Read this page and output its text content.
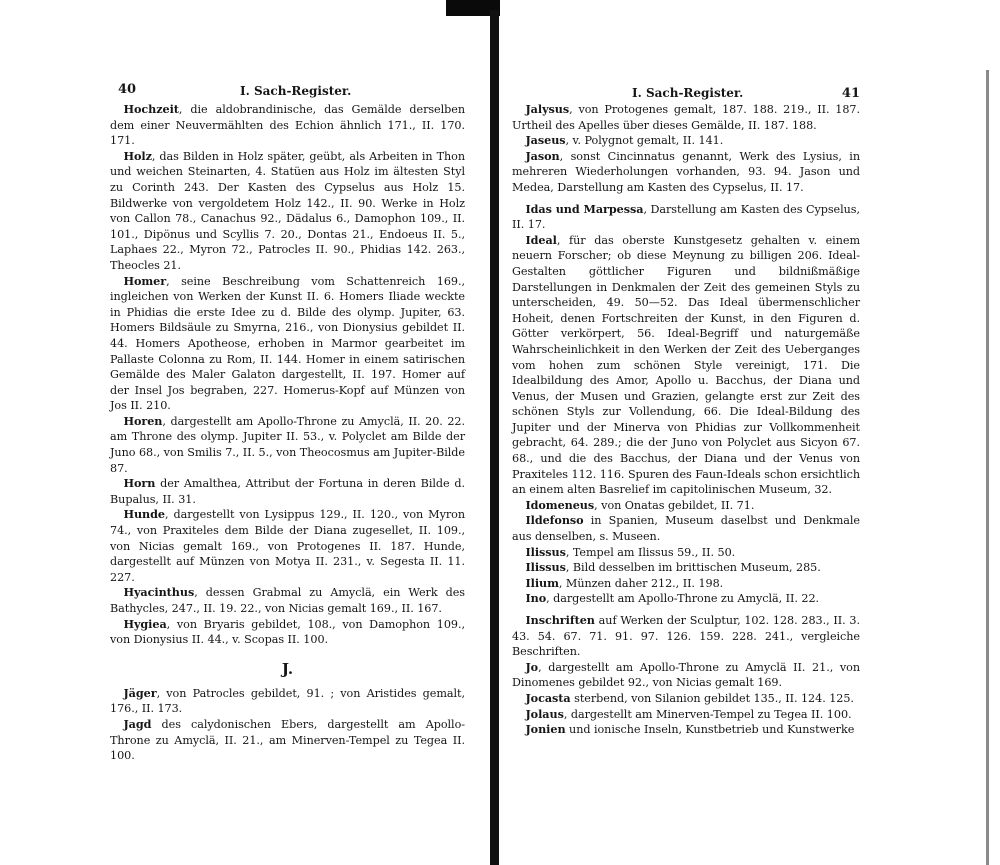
40	I. Sach-Register.

Hochzeit, die aldobrandinische, das Gemälde derselben dem einer Neuvermählten des Echion ähnlich 171., II. 170. 171.

Holz, das Bilden in Holz später, geübt, als Arbeiten in Thon und weichen Steinarten, 4. Statüen aus Holz im ältesten Styl zu Corinth 243. Der Kasten des Cypselus aus Holz 15. Bildwerke von vergoldetem Holz 142., II. 90. Werke in Holz von Callon 78., Canachus 92., Dädalus 6., Damophon 109., II. 101., Dipönus und Scyllis 7. 20., Dontas 21., Endoeus II. 5., Laphaes 22., Myron 72., Patrocles II. 90., Phidias 142. 263., Theocles 21.

Homer, seine Beschreibung vom Schattenreich 169., ingleichen von Werken der Kunst II. 6. Homers Iliade weckte in Phidias die erste Idee zu d. Bilde des olymp. Jupiter, 63. Homers Bildsäule zu Smyrna, 216., von Dionysius gebildet II. 44. Homers Apotheose, erhoben in Marmor gearbeitet im Pallaste Colonna zu Rom, II. 144. Homer in einem satirischen Gemälde des Maler Galaton dargestellt, II. 197. Homer auf der Insel Jos begraben, 227. Homerus-Kopf auf Münzen von Jos II. 210.

Horen, dargestellt am Apollo-Throne zu Amyclä, II. 20. 22. am Throne des olymp. Jupiter II. 53., v. Polyclet am Bilde der Juno 68., von Smilis 7., II. 5., von Theocosmus am Jupiter-Bilde 87.

Horn der Amalthea, Attribut der Fortuna in deren Bilde d. Bupalus, II. 31.

Hunde, dargestellt von Lysippus 129., II. 120., von Myron 74., von Praxiteles dem Bilde der Diana zugesellet, II. 109., von Nicias gemalt 169., von Protogenes II. 187. Hunde, dargestellt auf Münzen von Motya II. 231., v. Segesta II. 11. 227.

Hyacinthus, dessen Grabmal zu Amyclä, ein Werk des Bathycles, 247., II. 19. 22., von Nicias gemalt 169., II. 167.

Hygiea, von Bryaris gebildet, 108., von Damophon 109., von Dionysius II. 44., v. Scopas II. 100.

J.

Jäger, von Patrocles gebildet, 91. ; von Aristides gemalt, 176., II. 173.

Jagd des calydonischen Ebers, dargestellt am Apollo-Throne zu Amyclä, II. 21., am Minerven-Tempel zu Tegea II. 100.

I. Sach-Register.	41

Jalysus, von Protogenes gemalt, 187. 188. 219., II. 187. Urtheil des Apelles über dieses Gemälde, II. 187. 188.

Jaseus, v. Polygnot gemalt, II. 141.

Jason, sonst Cincinnatus genannt, Werk des Lysius, in mehreren Wiederholungen vorhanden, 93. 94. Jason und Medea, Darstellung am Kasten des Cypselus, II. 17.

Idas und Marpessa, Darstellung am Kasten des Cypselus, II. 17.

Ideal, für das oberste Kunstgesetz gehalten v. einem neuern Forscher; ob diese Meynung zu billigen 206. Ideal-Gestalten göttlicher Figuren und bildnißmäßige Darstellungen in Denkmalen der Zeit des gemeinen Styls zu unterscheiden, 49. 50—52. Das Ideal übermenschlicher Hoheit, denen Fortschreiten der Kunst, in den Figuren d. Götter verkörpert, 56. Ideal-Begriff und naturgemäße Wahrscheinlichkeit in den Werken der Zeit des Ueberganges vom hohen zum schönen Style vereinigt, 171. Die Idealbildung des Amor, Apollo u. Bacchus, der Diana und Venus, der Musen und Grazien, gelangte erst zur Zeit des schönen Styls zur Vollendung, 66. Die Ideal-Bildung des Jupiter und der Minerva von Phidias zur Vollkommenheit gebracht, 64. 289.; die der Juno von Polyclet aus Sicyon 67. 68., und die des Bacchus, der Diana und der Venus von Praxiteles 112. 116. Spuren des Faun-Ideals schon ersichtlich an einem alten Basrelief im capitolinischen Museum, 32.

Idomeneus, von Onatas gebildet, II. 71.

Ildefonso in Spanien, Museum daselbst und Denkmale aus denselben, s. Museen.

Ilissus, Tempel am Ilissus 59., II. 50.

Ilissus, Bild desselben im brittischen Museum, 285.

Ilium, Münzen daher 212., II. 198.

Ino, dargestellt am Apollo-Throne zu Amyclä, II. 22.

Inschriften auf Werken der Sculptur, 102. 128. 283., II. 3. 43. 54. 67. 71. 91. 97. 126. 159. 228. 241., vergleiche Beschriften.

Jo, dargestellt am Apollo-Throne zu Amyclä II. 21., von Dinomenes gebildet 92., von Nicias gemalt 169.

Jocasta sterbend, von Silanion gebildet 135., II. 124. 125.

Jolaus, dargestellt am Minerven-Tempel zu Tegea II. 100.

Jonien und ionische Inseln, Kunstbetrieb und Kunstwerke
